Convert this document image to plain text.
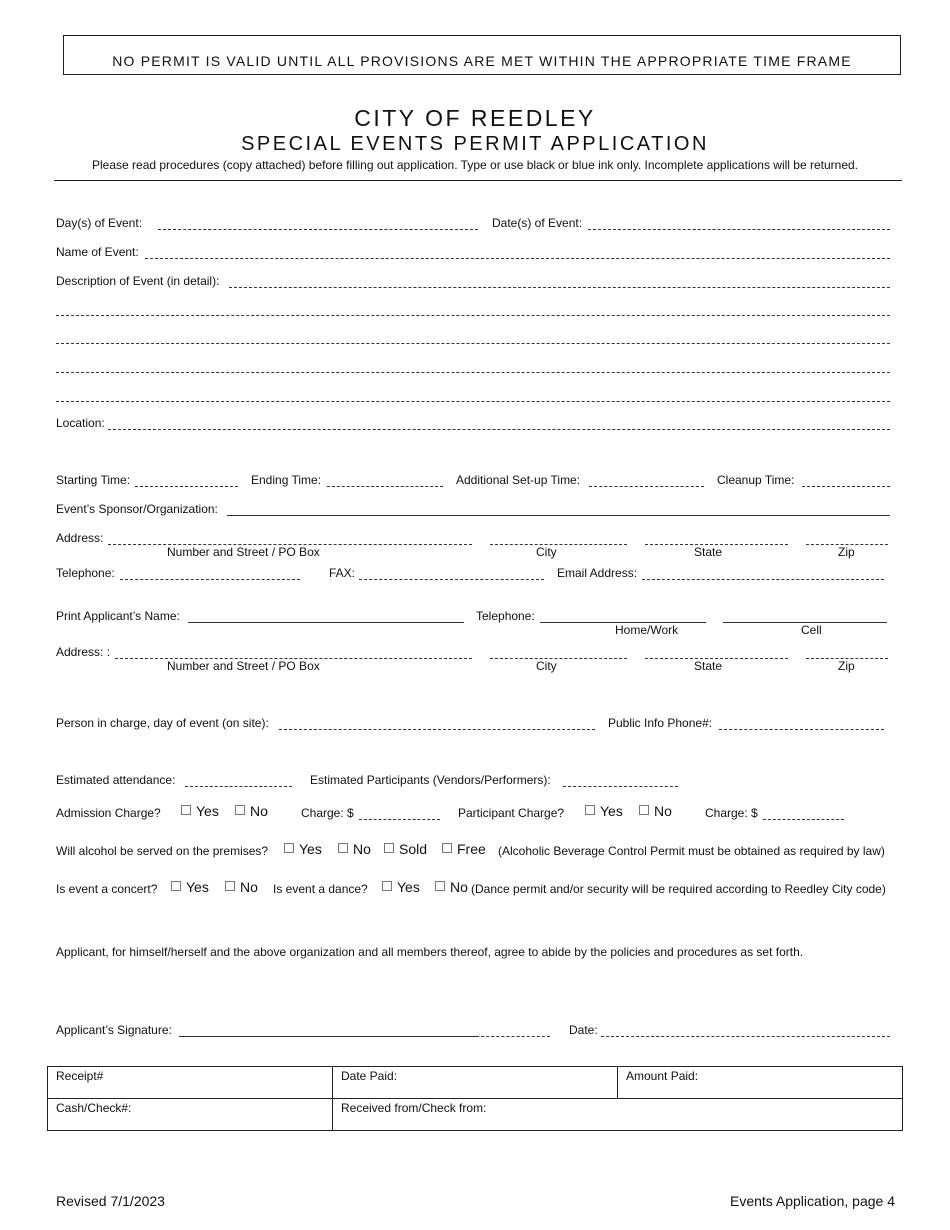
NO PERMIT IS VALID UNTIL ALL PROVISIONS ARE MET WITHIN THE APPROPRIATE TIME FRAME
CITY OF REEDLEY
SPECIAL EVENTS PERMIT APPLICATION
Please read procedures (copy attached) before filling out application. Type or use black or blue ink only. Incomplete applications will be returned.
Day(s) of Event:	Date(s) of Event:
Name of Event:
Description of Event (in detail):
Location:
Starting Time:	Ending Time:	Additional Set-up Time:	Cleanup Time:
Event’s Sponsor/Organization:
Address:
Number and Street / PO Box	City	State	Zip
Telephone:	FAX:	Email Address:
Print Applicant’s Name:	Telephone:
Home/Work	Cell
Address: :
Number and Street / PO Box	City	State	Zip
Person in charge, day of event (on site):	Public Info Phone#:
Estimated attendance:	Estimated Participants (Vendors/Performers):
Admission Charge?	Yes	No	Charge: $	Participant Charge?	Yes	No	Charge: $
Will alcohol be served on the premises?	Yes	No	Sold	Free (Alcoholic Beverage Control Permit must be obtained as required by law)
Is event a concert?	Yes	No Is event a dance?	Yes	No (Dance permit and/or security will be required according to Reedley City code)
Applicant, for himself/herself and the above organization and all members thereof, agree to abide by the policies and procedures as set forth.
Applicant’s Signature:	Date:
Receipt#	Date Paid:	Amount Paid:
Cash/Check#:	Received from/Check from:	
Revised 7/1/2023	Events Application, page 4
